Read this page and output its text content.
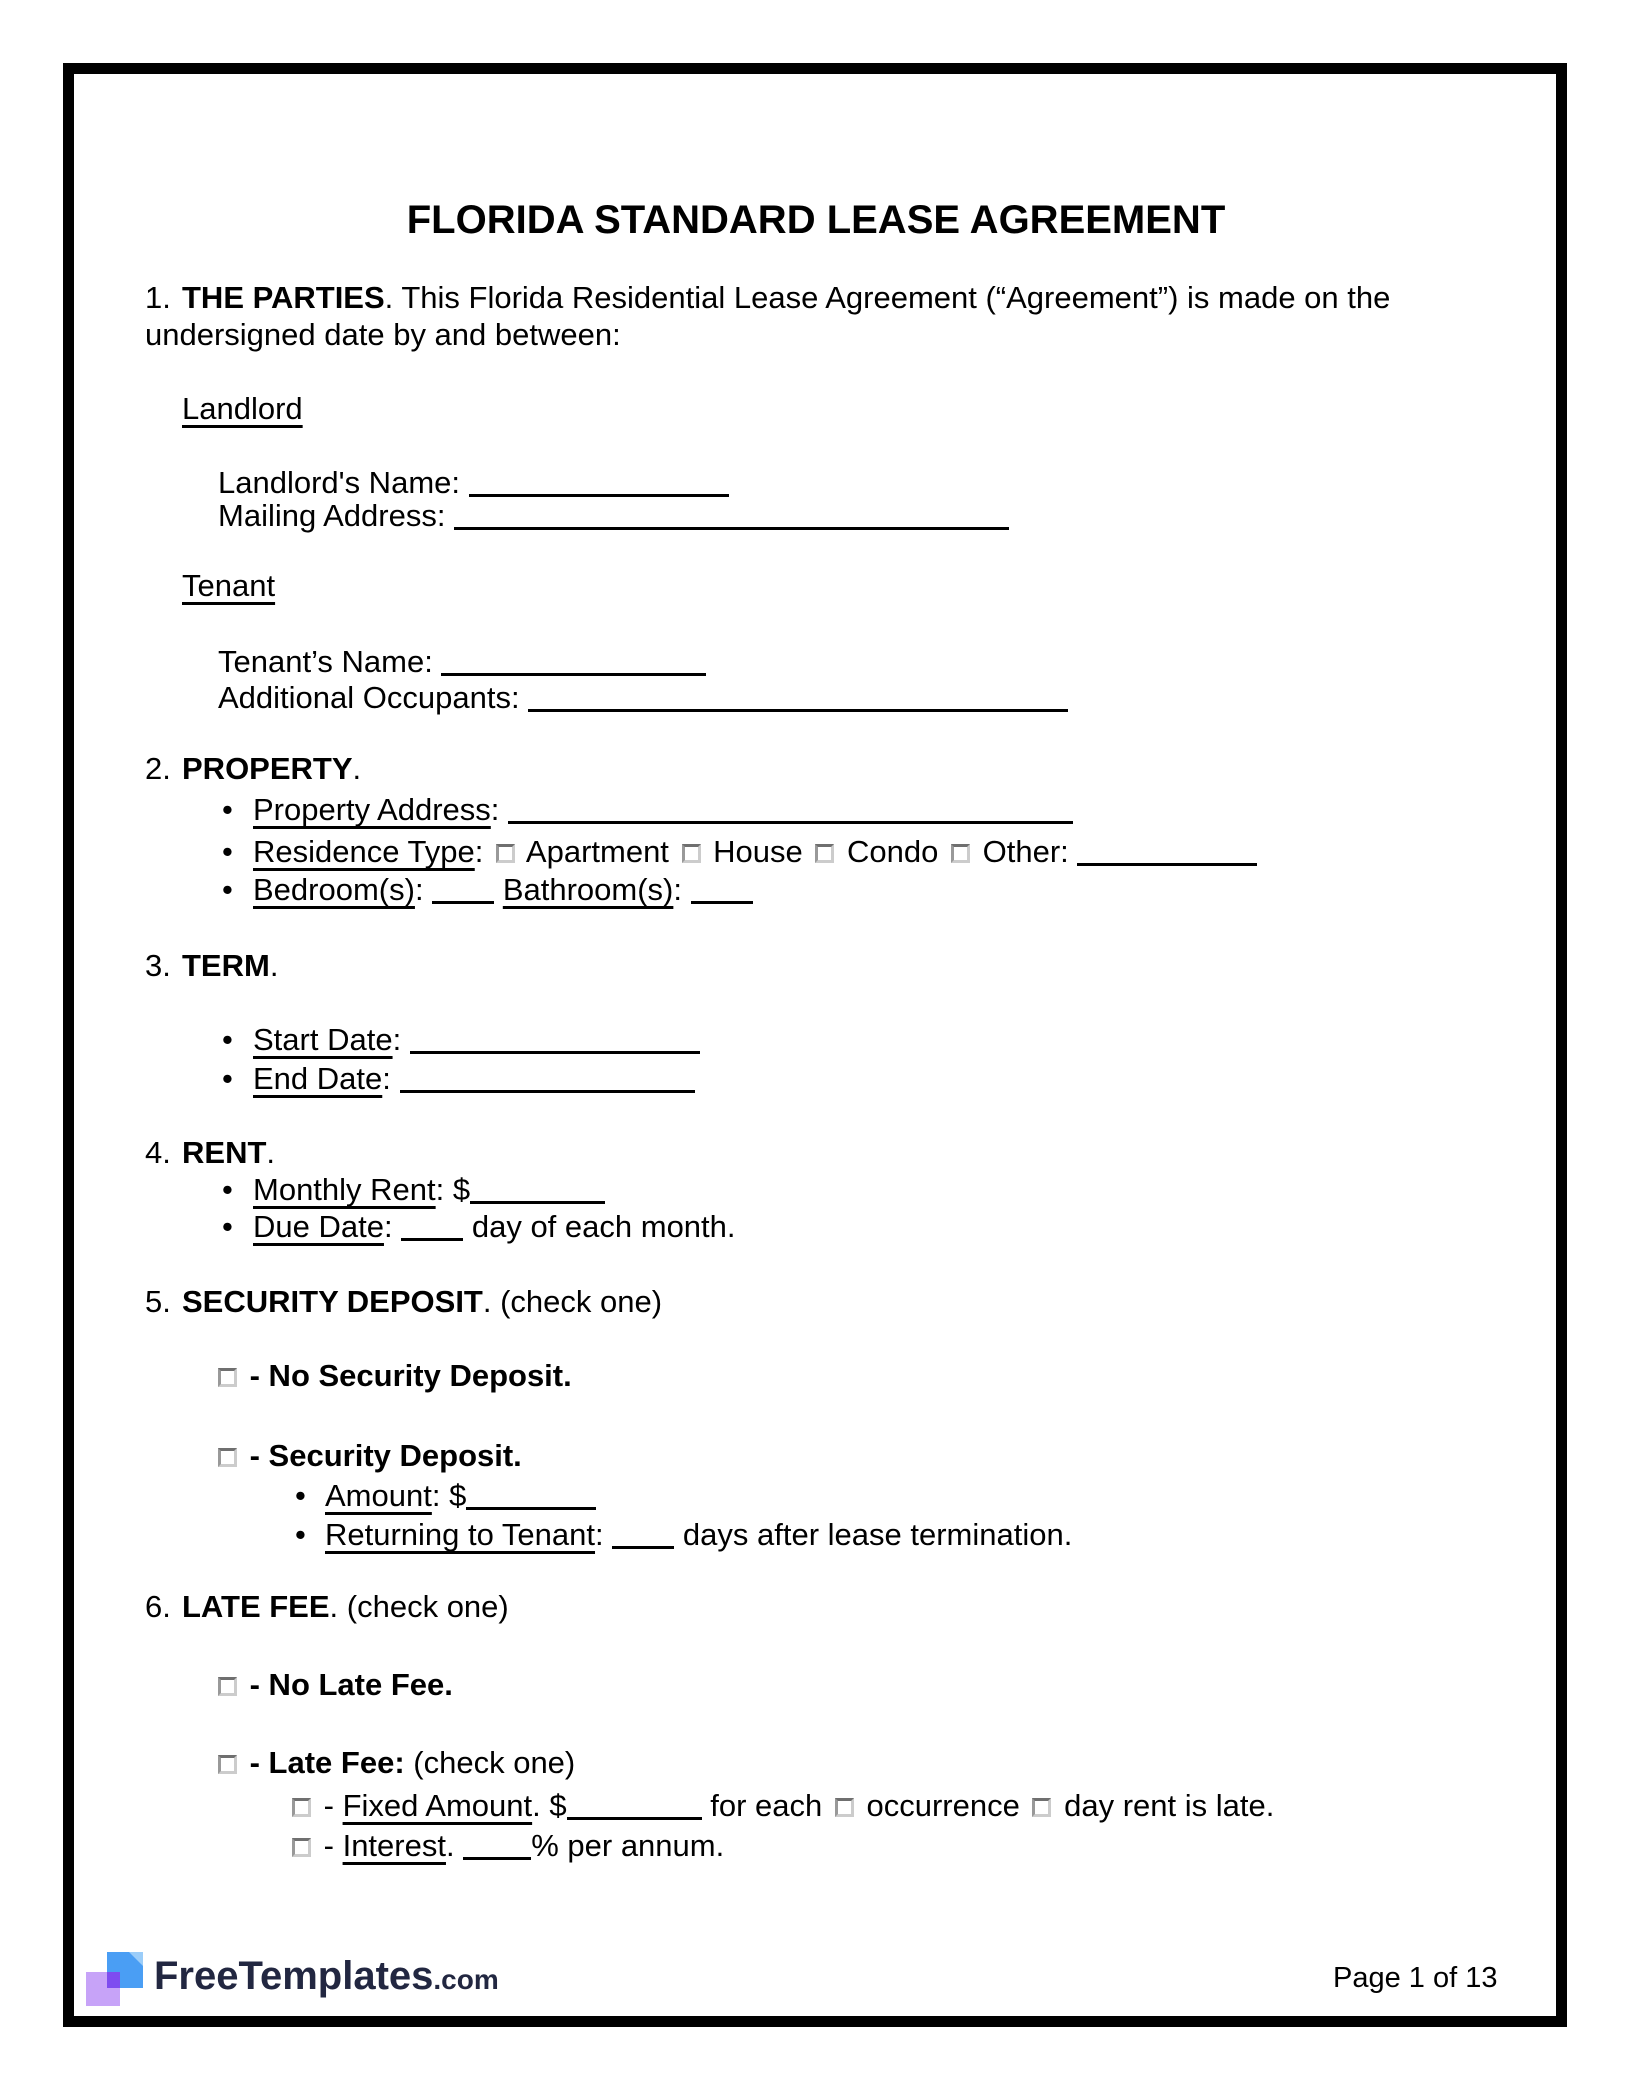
FLORIDA STANDARD LEASE AGREEMENT
1. THE PARTIES. This Florida Residential Lease Agreement (“Agreement”) is made on the
undersigned date by and between:
Landlord
Landlord's Name:
Mailing Address:
Tenant
Tenant’s Name:
Additional Occupants:
2. PROPERTY.
• Property Address:
• Residence Type: Apartment House Condo Other:
• Bedroom(s):	Bathroom(s):
3. TERM.
• Start Date:
• End Date:
4. RENT.
• Monthly Rent: $
• Due Date:	day of each month.
5. SECURITY DEPOSIT. (check one)
- No Security Deposit.
- Security Deposit.
• Amount: $
• Returning to Tenant:	days after lease termination.
6. LATE FEE. (check one)
- No Late Fee.
- Late Fee: (check one)
- Fixed Amount. $	for each occurrence day rent is late.
- Interest. % per annum.
FreeTemplates.com	Page 1 of 13
